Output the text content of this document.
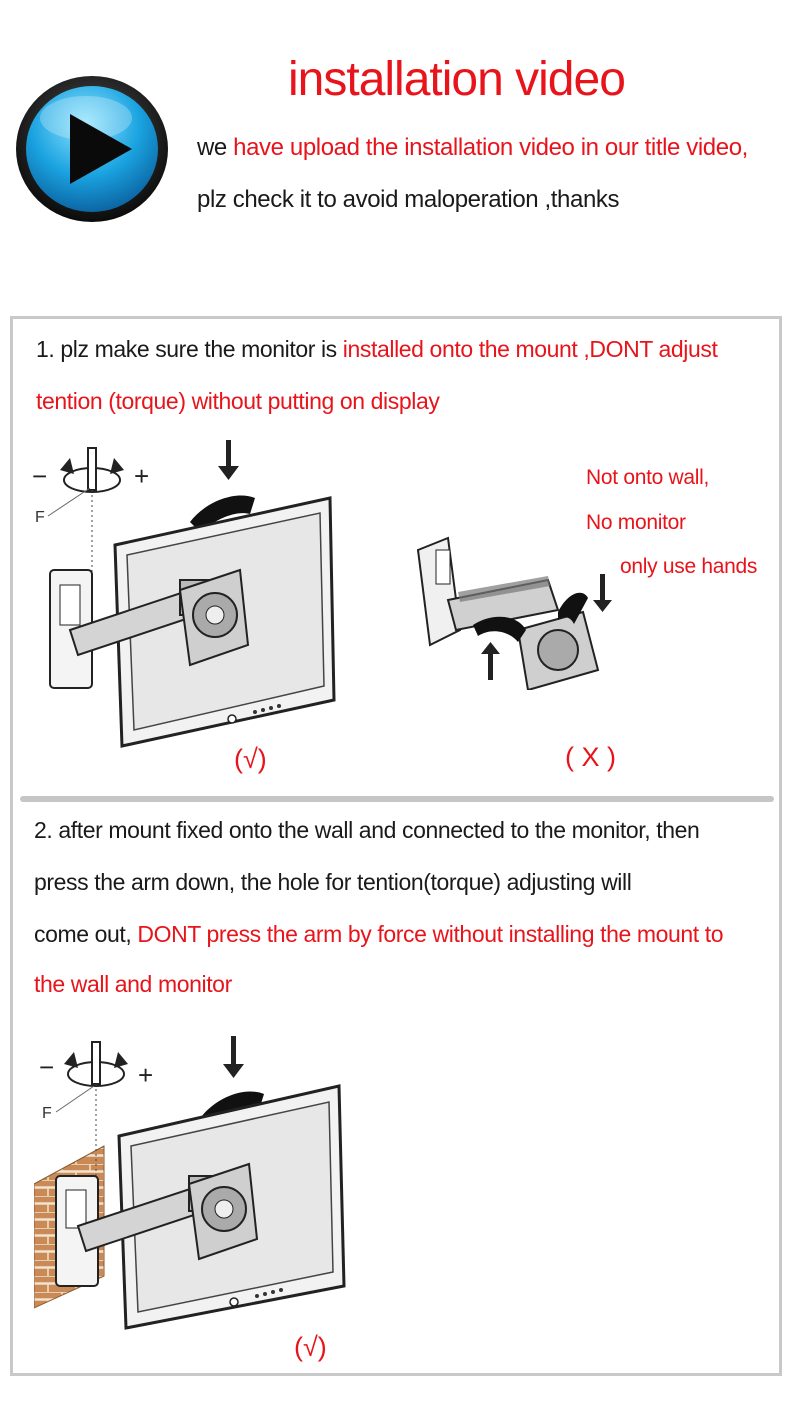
installation video
we have upload the installation video in our title video,
plz check it to avoid maloperation ,thanks
1. plz make sure the monitor is installed onto the mount ,DONT adjust
tention (torque) without putting on display
−	+
F
(√)
Not onto wall,
No monitor
only use hands
( X )
2. after mount fixed onto the wall and connected to the monitor, then
press the arm down, the hole for tention(torque) adjusting will
come out, DONT press the arm by force without installing the mount to
the wall and monitor
−	+
F
(√)
